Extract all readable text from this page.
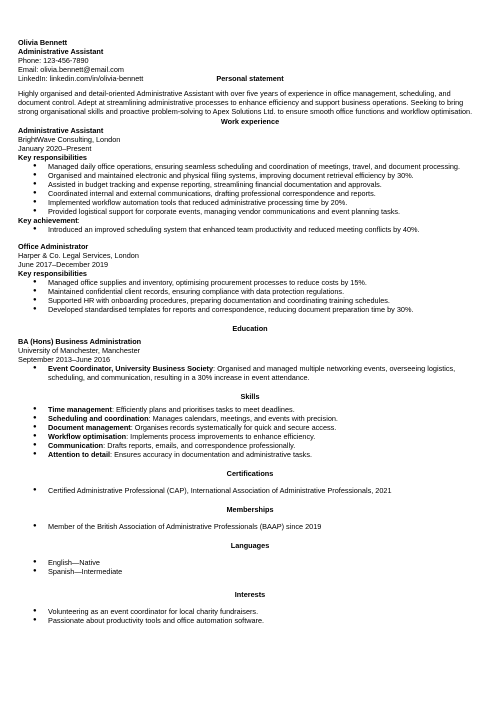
Olivia Bennett
Administrative Assistant
Phone: 123-456-7890
Email: olivia.bennett@email.com
LinkedIn: linkedin.com/in/olivia-bennett	Personal statement

Highly organised and detail-oriented Administrative Assistant with over five years of experience in office management, scheduling, and document control. Adept at streamlining administrative processes to enhance efficiency and support business operations. Seeking to bring strong organisational skills and proactive problem-solving to Apex Solutions Ltd. to ensure smooth office functions and workflow optimisation.

Work experience
Administrative Assistant
BrightWave Consulting, London
January 2020–Present
Key responsibilities
● Managed daily office operations, ensuring seamless scheduling and coordination of meetings, travel, and document processing.
● Organised and maintained electronic and physical filing systems, improving document retrieval efficiency by 30%.
● Assisted in budget tracking and expense reporting, streamlining financial documentation and approvals.
● Coordinated internal and external communications, drafting professional correspondence and reports.
● Implemented workflow automation tools that reduced administrative processing time by 20%.
● Provided logistical support for corporate events, managing vendor communications and event planning tasks.
Key achievement:
● Introduced an improved scheduling system that enhanced team productivity and reduced meeting conflicts by 40%.
Office Administrator
Harper & Co. Legal Services, London
June 2017–December 2019
Key responsibilities
● Managed office supplies and inventory, optimising procurement processes to reduce costs by 15%.
● Maintained confidential client records, ensuring compliance with data protection regulations.
● Supported HR with onboarding procedures, preparing documentation and coordinating training schedules.
● Developed standardised templates for reports and correspondence, reducing document preparation time by 30%.
Education
BA (Hons) Business Administration
University of Manchester, Manchester
September 2013–June 2016
● Event Coordinator, University Business Society: Organised and managed multiple networking events, overseeing logistics, scheduling, and communication, resulting in a 30% increase in event attendance.
Skills
● Time management: Efficiently plans and prioritises tasks to meet deadlines.
● Scheduling and coordination: Manages calendars, meetings, and events with precision.
● Document management: Organises records systematically for quick and secure access.
● Workflow optimisation: Implements process improvements to enhance efficiency.
● Communication: Drafts reports, emails, and correspondence professionally.
● Attention to detail: Ensures accuracy in documentation and administrative tasks.
Certifications
● Certified Administrative Professional (CAP), International Association of Administrative Professionals, 2021
Memberships
● Member of the British Association of Administrative Professionals (BAAP) since 2019
Languages
● English—Native
● Spanish—Intermediate
Interests
● Volunteering as an event coordinator for local charity fundraisers.
● Passionate about productivity tools and office automation software.
